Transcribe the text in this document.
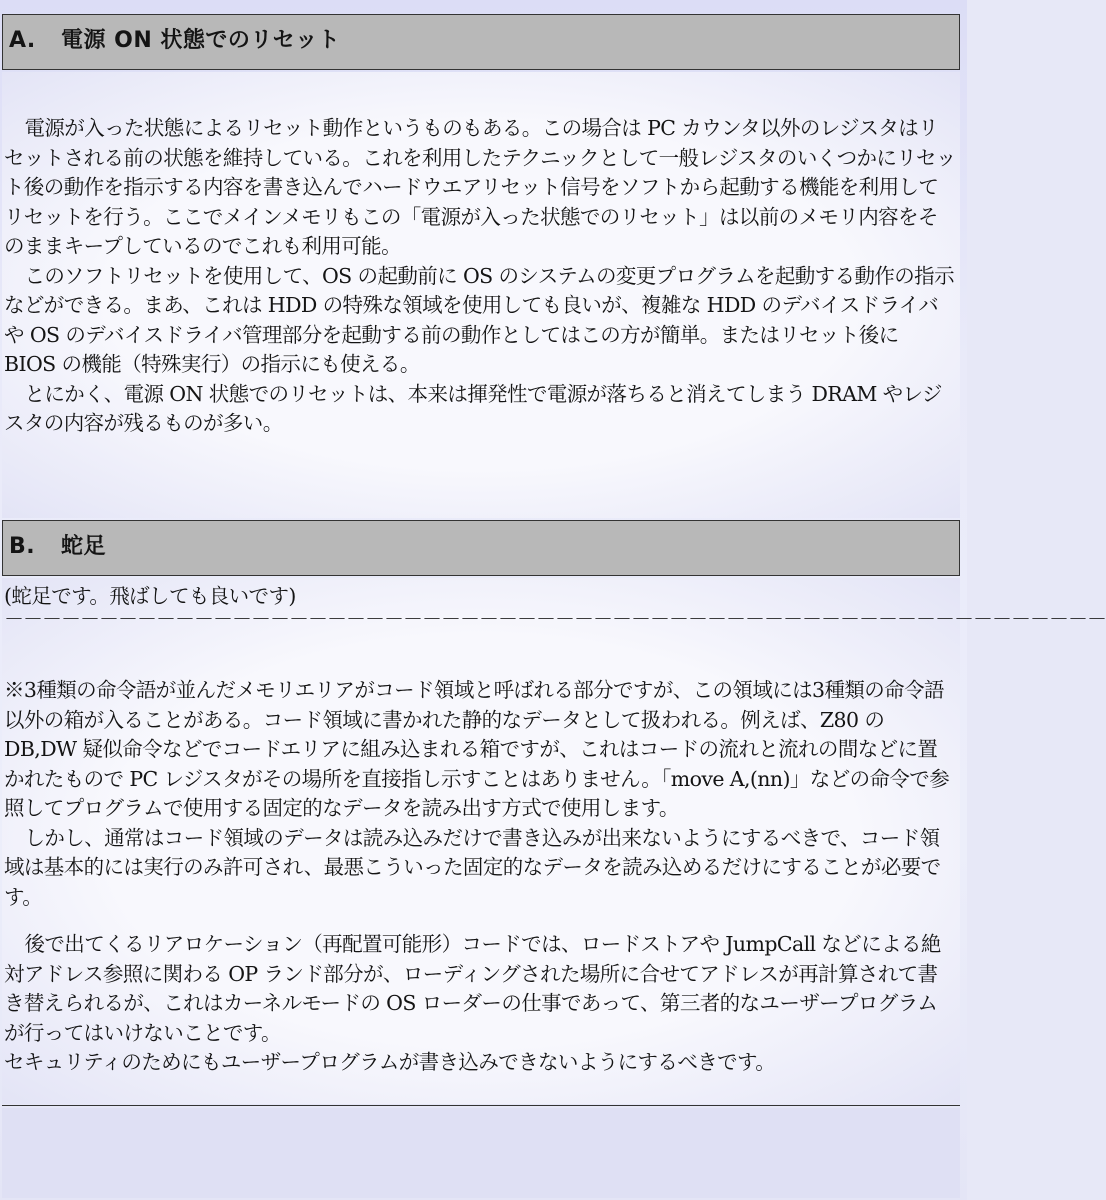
A. 電源 ON 状態でのリセット

電源が入った状態によるリセット動作というものもある。この場合は PC カウンタ以外のレジスタはリセットされる前の状態を維持している。これを利用したテクニックとして一般レジスタのいくつかにリセット後の動作を指示する内容を書き込んでハードウエアリセット信号をソフトから起動する機能を利用してリセットを行う。ここでメインメモリもこの「電源が入った状態でのリセット」は以前のメモリ内容をそのままキープしているのでこれも利用可能。

このソフトリセットを使用して、OS の起動前に OS のシステムの変更プログラムを起動する動作の指示などができる。まあ、これは HDD の特殊な領域を使用しても良いが、複雑な HDD のデバイスドライバや OS のデバイスドライバ管理部分を起動する前の動作としてはこの方が簡単。またはリセット後に BIOS の機能（特殊実行）の指示にも使える。

とにかく、電源 ON 状態でのリセットは、本来は揮発性で電源が落ちると消えてしまう DRAM やレジスタの内容が残るものが多い。

B. 蛇足
(蛇足です。飛ばしても良いです)
－－－－－－－－－－－－－－－－－－－－－－－－－－－－－－－－－－－－－－－－－－－－－－－－－－－－－－－－－－

※3種類の命令語が並んだメモリエリアがコード領域と呼ばれる部分ですが、この領域には3種類の命令語以外の箱が入ることがある。コード領域に書かれた静的なデータとして扱われる。例えば、Z80 の DB,DW 疑似命令などでコードエリアに組み込まれる箱ですが、これはコードの流れと流れの間などに置かれたもので PC レジスタがその場所を直接指し示すことはありません。「move A,(nn)」などの命令で参照してプログラムで使用する固定的なデータを読み出す方式で使用します。

しかし、通常はコード領域のデータは読み込みだけで書き込みが出来ないようにするべきで、コード領域は基本的には実行のみ許可され、最悪こういった固定的なデータを読み込めるだけにすることが必要です。

後で出てくるリアロケーション（再配置可能形）コードでは、ロードストアや JumpCall などによる絶対アドレス参照に関わる OP ランド部分が、ローディングされた場所に合せてアドレスが再計算されて書き替えられるが、これはカーネルモードの OS ローダーの仕事であって、第三者的なユーザープログラムが行ってはいけないことです。

セキュリティのためにもユーザープログラムが書き込みできないようにするべきです。
